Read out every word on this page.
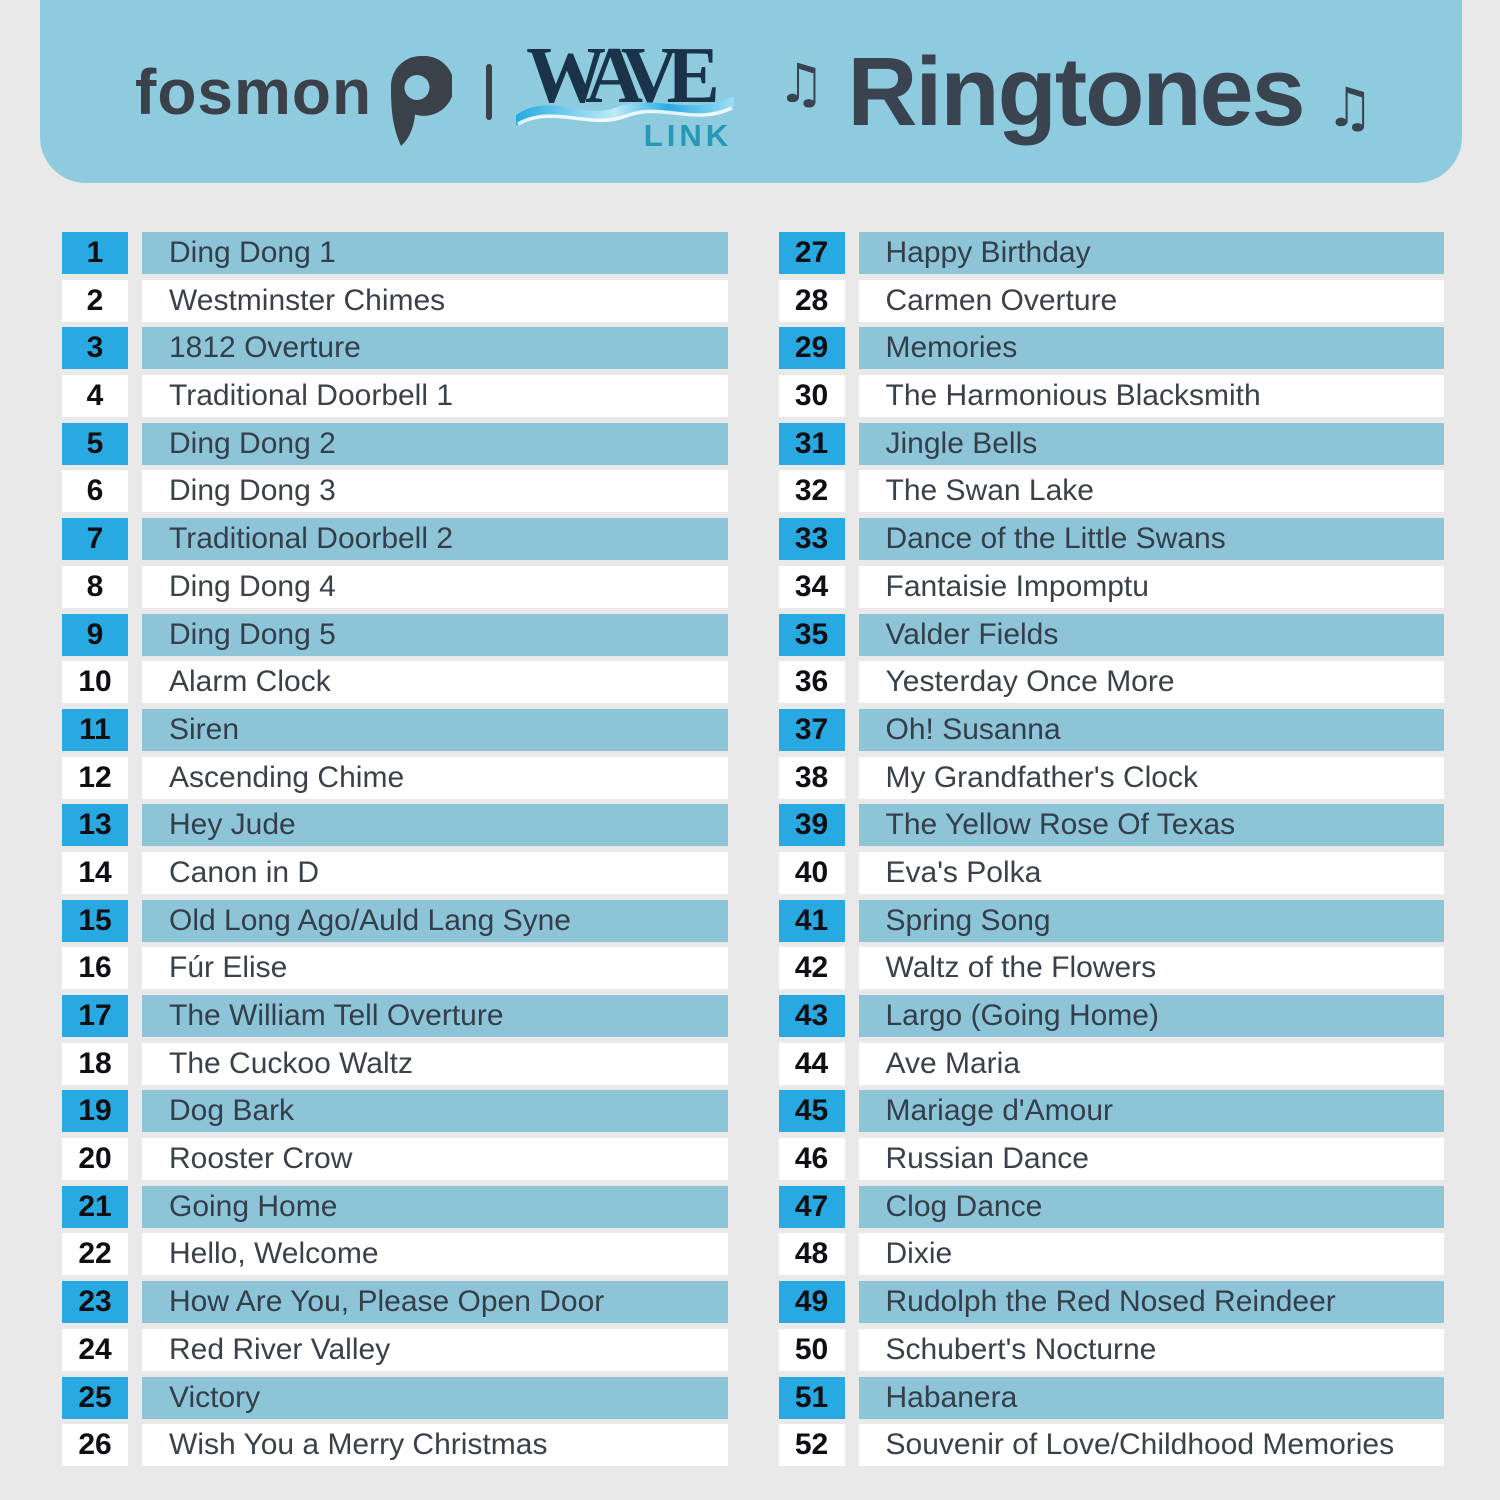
fosmon WAVE
LINK
♫ Ringtones ♫
1	Ding Dong 1
2	Westminster Chimes
3	1812 Overture
4	Traditional Doorbell 1
5	Ding Dong 2
6	Ding Dong 3
7	Traditional Doorbell 2
8	Ding Dong 4
9	Ding Dong 5
10	Alarm Clock
11	Siren
12	Ascending Chime
13	Hey Jude
14	Canon in D
15	Old Long Ago/Auld Lang Syne
16	Fúr Elise
17	The William Tell Overture
18	The Cuckoo Waltz
19	Dog Bark
20	Rooster Crow
21	Going Home
22	Hello, Welcome
23	How Are You, Please Open Door
24	Red River Valley
25	Victory
26	Wish You a Merry Christmas
27	Happy Birthday
28	Carmen Overture
29	Memories
30	The Harmonious Blacksmith
31	Jingle Bells
32	The Swan Lake
33	Dance of the Little Swans
34	Fantaisie Impomptu
35	Valder Fields
36	Yesterday Once More
37	Oh! Susanna
38	My Grandfather's Clock
39	The Yellow Rose Of Texas
40	Eva's Polka
41	Spring Song
42	Waltz of the Flowers
43	Largo (Going Home)
44	Ave Maria
45	Mariage d'Amour
46	Russian Dance
47	Clog Dance
48	Dixie
49	Rudolph the Red Nosed Reindeer
50	Schubert's Nocturne
51	Habanera
52	Souvenir of Love/Childhood Memories
